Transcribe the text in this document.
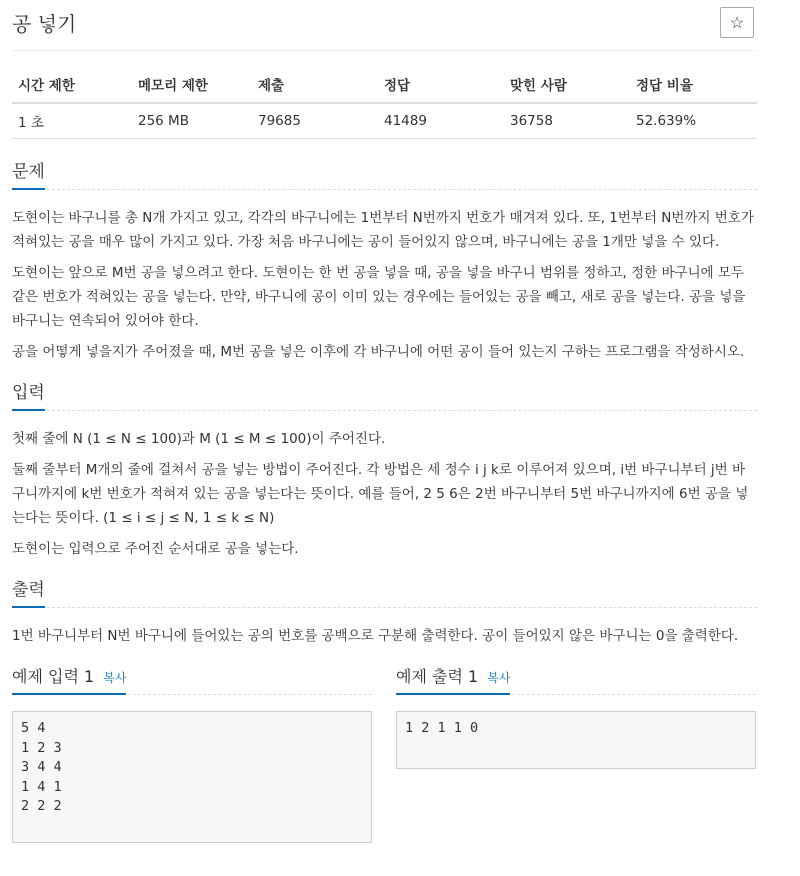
공 넣기	☆
시간 제한	메모리 제한	제출	정답	맞힌 사람	정답 비율
1 초	256 MB	79685	41489	36758	52.639%
문제

도현이는 바구니를 총 N개 가지고 있고, 각각의 바구니에는 1번부터 N번까지 번호가 매겨져 있다. 또, 1번부터 N번까지 번호가 적혀있는 공을 매우 많이 가지고 있다. 가장 처음 바구니에는 공이 들어있지 않으며, 바구니에는 공을 1개만 넣을 수 있다.

도현이는 앞으로 M번 공을 넣으려고 한다. 도현이는 한 번 공을 넣을 때, 공을 넣을 바구니 범위를 정하고, 정한 바구니에 모두 같은 번호가 적혀있는 공을 넣는다. 만약, 바구니에 공이 이미 있는 경우에는 들어있는 공을 빼고, 새로 공을 넣는다. 공을 넣을 바구니는 연속되어 있어야 한다.

공을 어떻게 넣을지가 주어졌을 때, M번 공을 넣은 이후에 각 바구니에 어떤 공이 들어 있는지 구하는 프로그램을 작성하시오.

입력

첫째 줄에 N (1 ≤ N ≤ 100)과 M (1 ≤ M ≤ 100)이 주어진다.

둘째 줄부터 M개의 줄에 걸쳐서 공을 넣는 방법이 주어진다. 각 방법은 세 정수 i j k로 이루어져 있으며, i번 바구니부터 j번 바구니까지에 k번 번호가 적혀져 있는 공을 넣는다는 뜻이다. 예를 들어, 2 5 6은 2번 바구니부터 5번 바구니까지에 6번 공을 넣는다는 뜻이다. (1 ≤ i ≤ j ≤ N, 1 ≤ k ≤ N)

도현이는 입력으로 주어진 순서대로 공을 넣는다.

출력

1번 바구니부터 N번 바구니에 들어있는 공의 번호를 공백으로 구분해 출력한다. 공이 들어있지 않은 바구니는 0을 출력한다.

예제 입력 1 복사
5 4
1 2 3
3 4 4
1 4 1
2 2 2
예제 출력 1 복사
1 2 1 1 0
